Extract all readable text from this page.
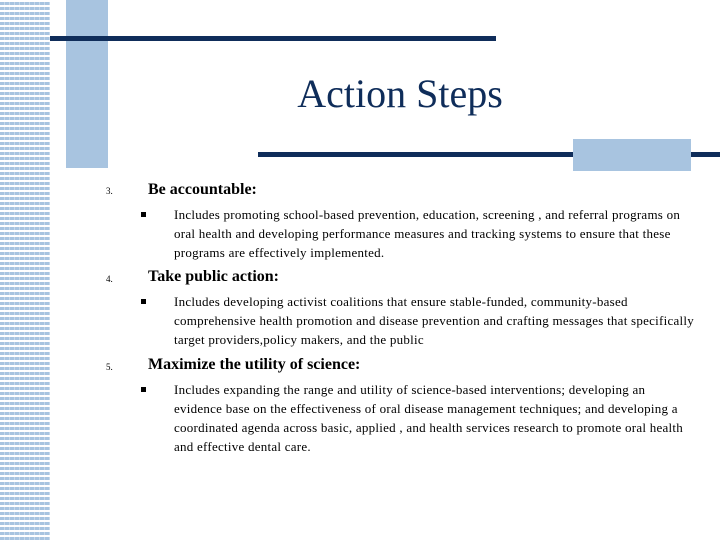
Action Steps
3. Be accountable:
Includes promoting school-based prevention, education, screening , and referral programs on oral health and developing performance measures and tracking systems to ensure that these programs are effectively implemented.
4. Take public action:
Includes developing activist coalitions that ensure stable-funded, community-based comprehensive health promotion and disease prevention and crafting messages that specifically target providers,policy makers, and the public
5. Maximize the utility of science:
Includes expanding the range and utility of science-based interventions; developing an evidence base on the effectiveness of oral disease management techniques; and developing a coordinated agenda across basic, applied , and health services research to promote oral health and effective dental care.
